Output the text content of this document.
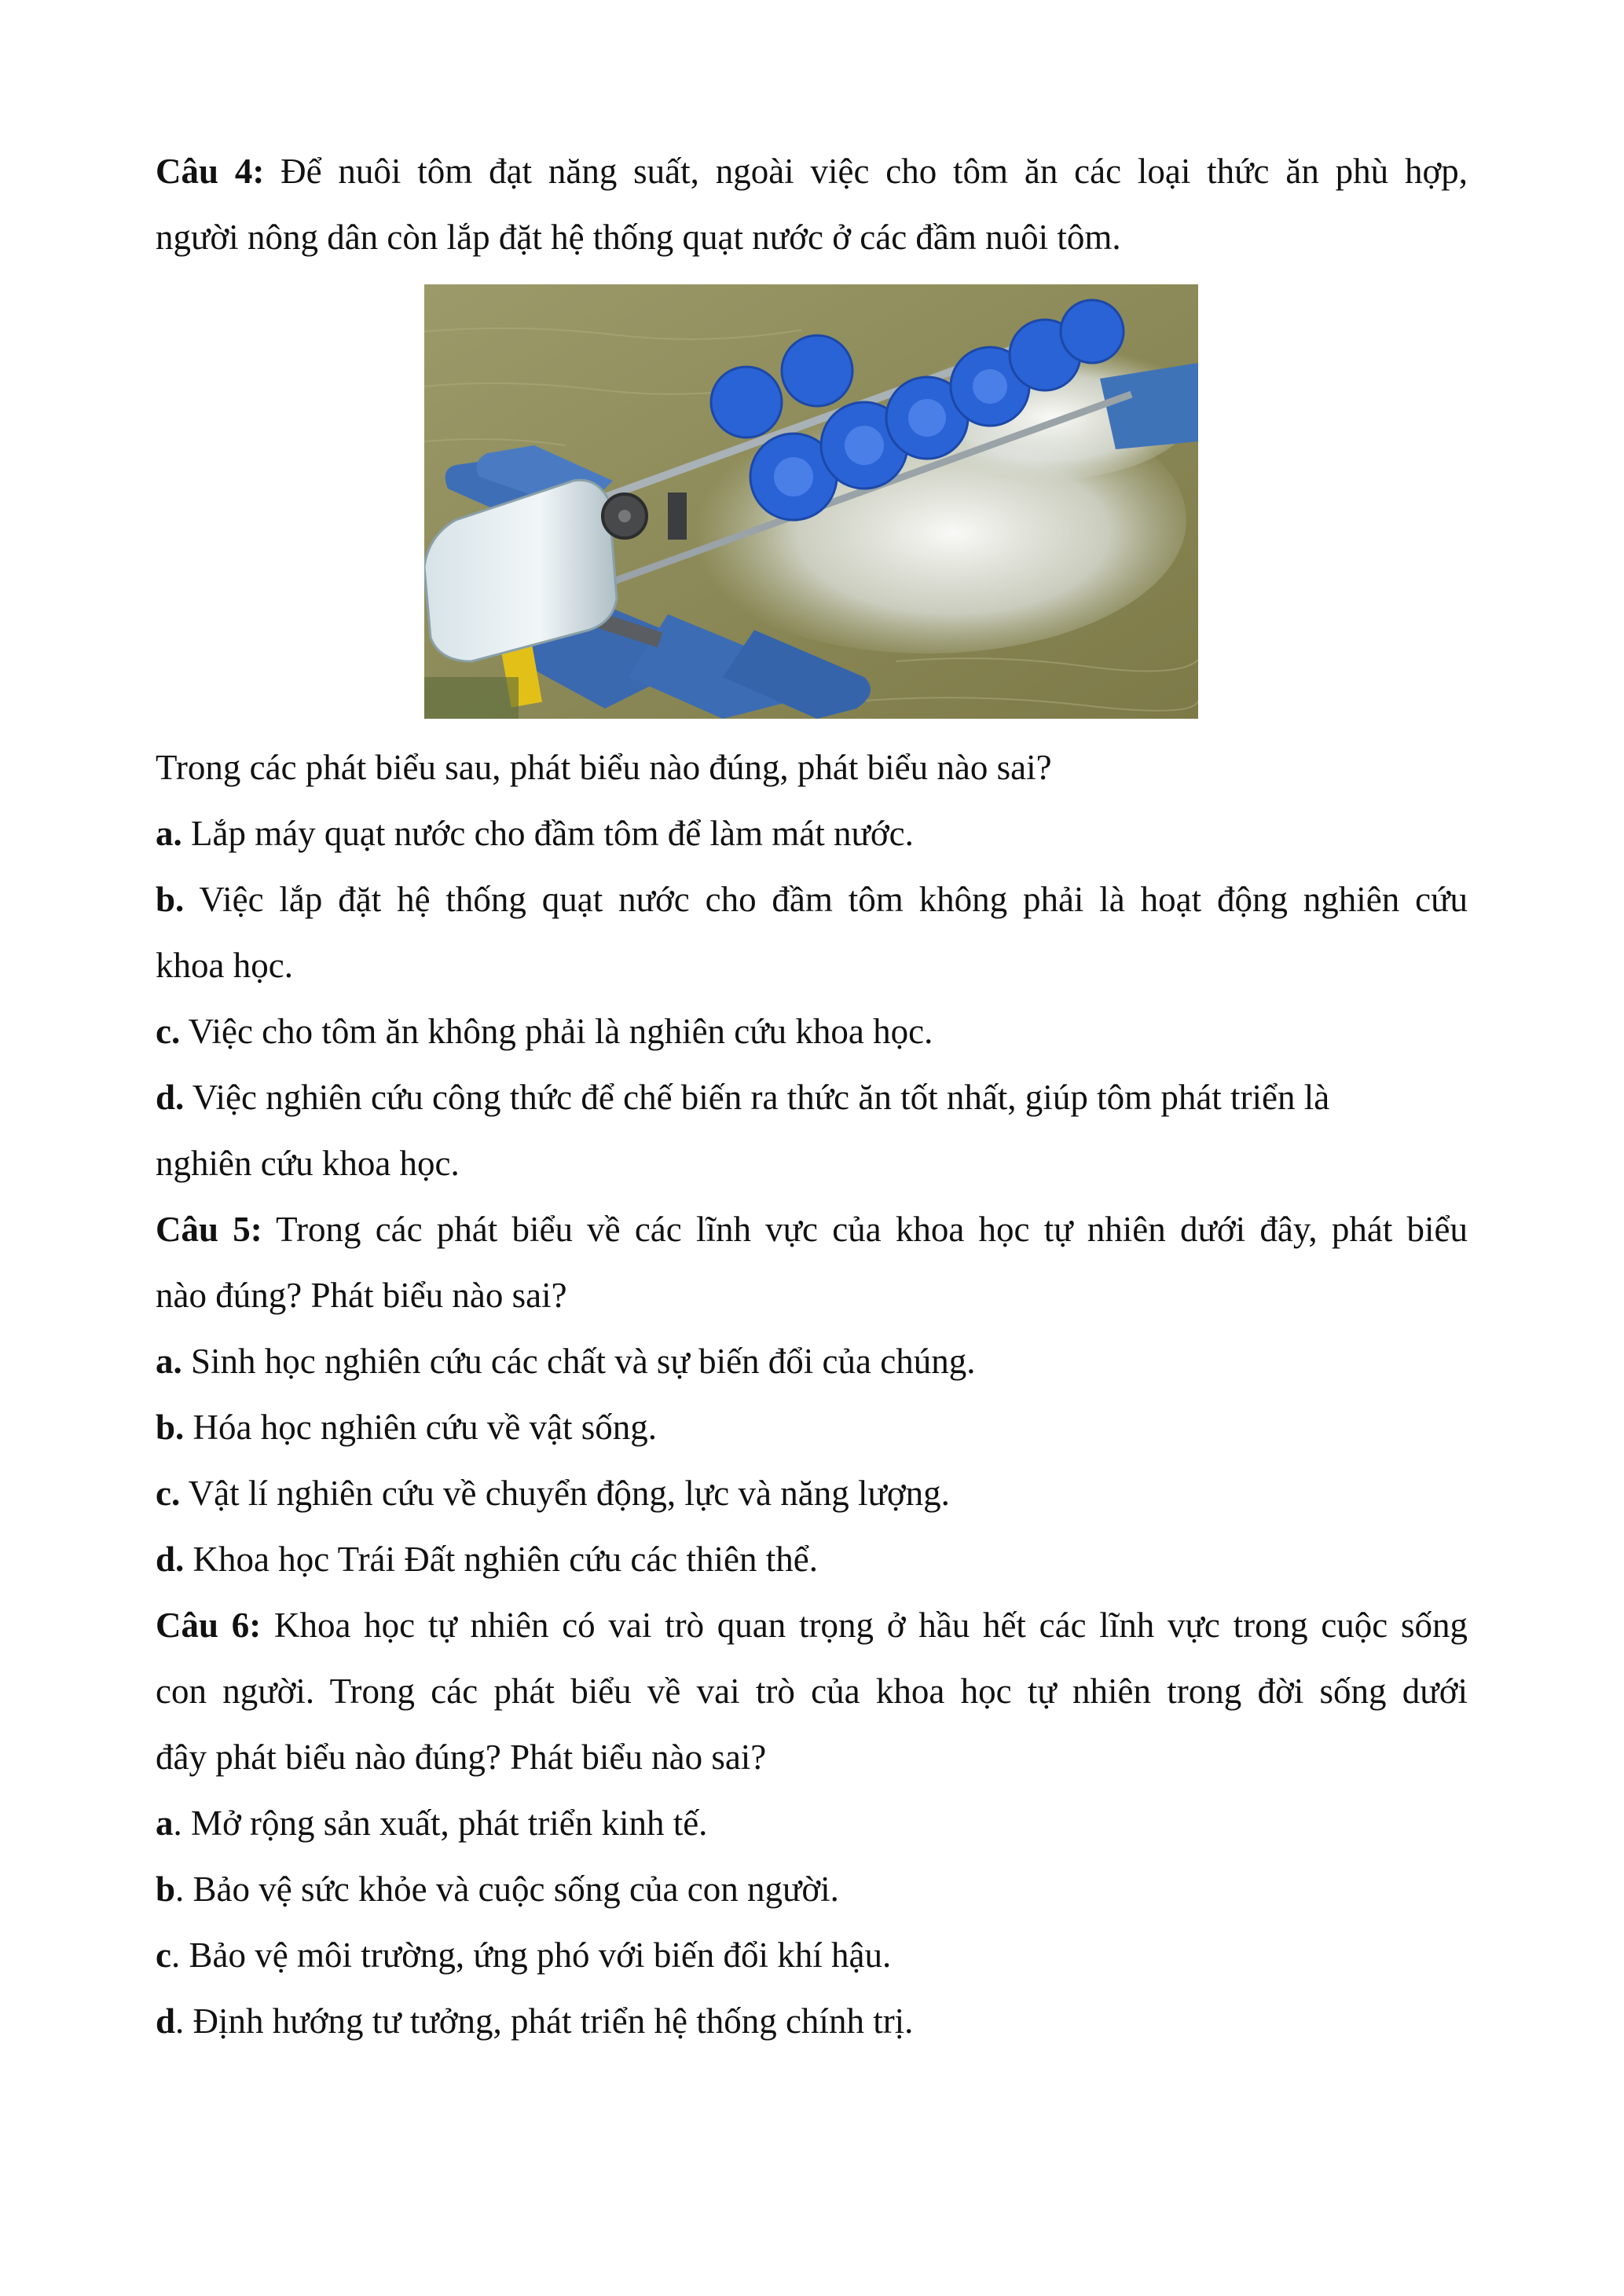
Câu 4: Để nuôi tôm đạt năng suất, ngoài việc cho tôm ăn các loại thức ăn phù hợp,
người nông dân còn lắp đặt hệ thống quạt nước ở các đầm nuôi tôm.
Trong các phát biểu sau, phát biểu nào đúng, phát biểu nào sai?
a. Lắp máy quạt nước cho đầm tôm để làm mát nước.
b. Việc lắp đặt hệ thống quạt nước cho đầm tôm không phải là hoạt động nghiên cứu
khoa học.
c. Việc cho tôm ăn không phải là nghiên cứu khoa học.
d. Việc nghiên cứu công thức để chế biến ra thức ăn tốt nhất, giúp tôm phát triển là
nghiên cứu khoa học.
Câu 5: Trong các phát biểu về các lĩnh vực của khoa học tự nhiên dưới đây, phát biểu
nào đúng? Phát biểu nào sai?
a. Sinh học nghiên cứu các chất và sự biến đổi của chúng.
b. Hóa học nghiên cứu về vật sống.
c. Vật lí nghiên cứu về chuyển động, lực và năng lượng.
d. Khoa học Trái Đất nghiên cứu các thiên thể.
Câu 6: Khoa học tự nhiên có vai trò quan trọng ở hầu hết các lĩnh vực trong cuộc sống
con người. Trong các phát biểu về vai trò của khoa học tự nhiên trong đời sống dưới
đây phát biểu nào đúng? Phát biểu nào sai?
a. Mở rộng sản xuất, phát triển kinh tế.
b. Bảo vệ sức khỏe và cuộc sống của con người.
c. Bảo vệ môi trường, ứng phó với biến đổi khí hậu.
d. Định hướng tư tưởng, phát triển hệ thống chính trị.
